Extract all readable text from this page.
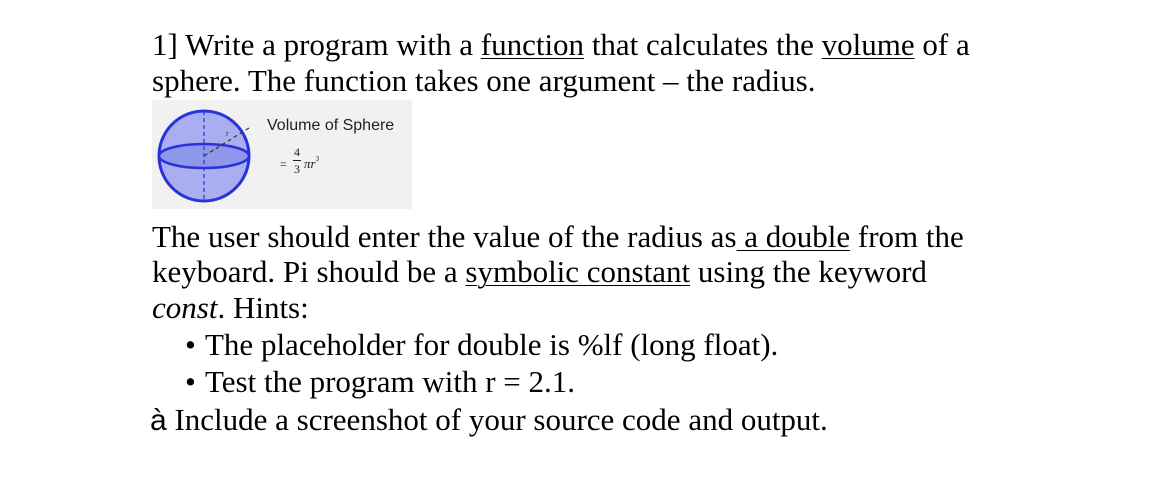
1] Write a program with a function that calculates the volume of a
sphere. The function takes one argument – the radius.
r Volume of Sphere
=
4
3 $\pi r^3$
The user should enter the value of the radius as a double from the
keyboard. Pi should be a symbolic constant using the keyword
const. Hints:
• The placeholder for double is %lf (long float).
• Test the program with r = 2.1.
à Include a screenshot of your source code and output.
